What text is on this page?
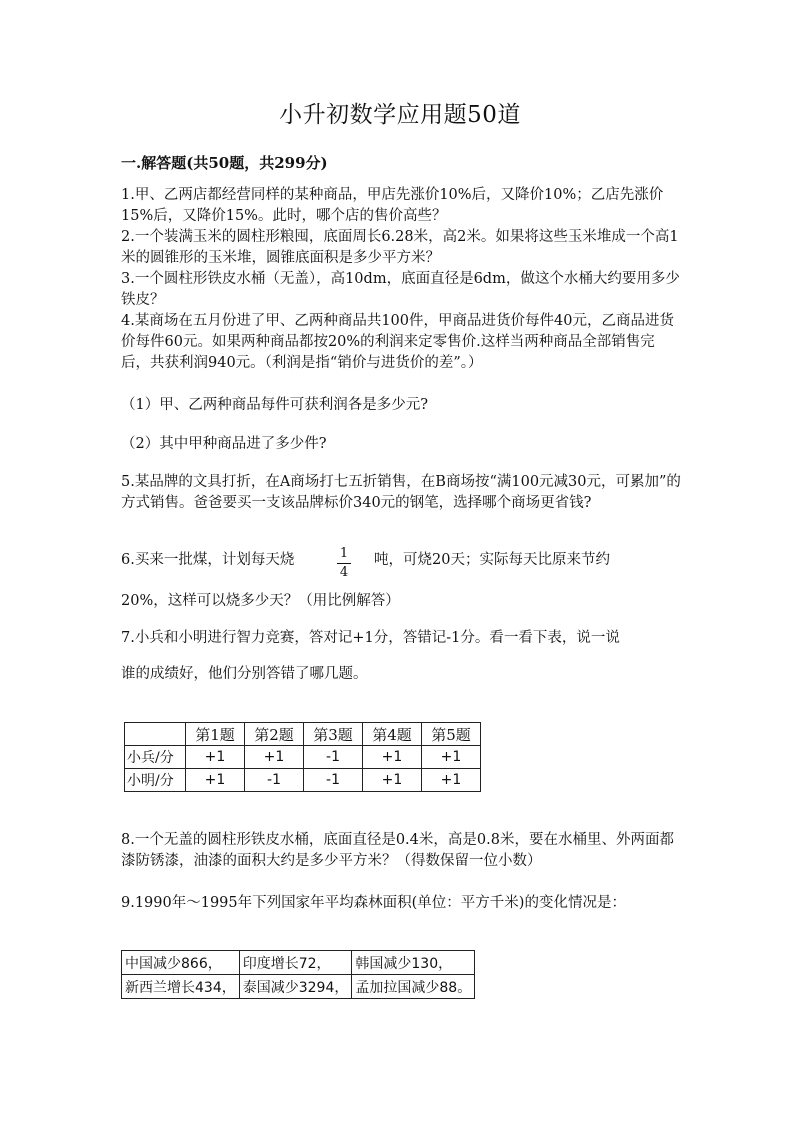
小升初数学应用题50道
一.解答题(共50题，共299分)
1.甲、乙两店都经营同样的某种商品，甲店先涨价10%后，又降价10%；乙店先涨价15%后，又降价15%。此时，哪个店的售价高些？
2.一个装满玉米的圆柱形粮囤，底面周长6.28米，高2米。如果将这些玉米堆成一个高1米的圆锥形的玉米堆，圆锥底面积是多少平方米？
3.一个圆柱形铁皮水桶（无盖），高10dm，底面直径是6dm，做这个水桶大约要用多少铁皮？
4.某商场在五月份进了甲、乙两种商品共100件，甲商品进货价每件40元，乙商品进货价每件60元。如果两种商品都按20%的利润来定零售价.这样当两种商品全部销售完后，共获利润940元。（利润是指“销价与进货价的差”。）
（1）甲、乙两种商品每件可获利润各是多少元?
（2）其中甲种商品进了多少件?
5.某品牌的文具打折，在A商场打七五折销售，在B商场按“满100元减30元，可累加”的方式销售。爸爸要买一支该品牌标价340元的钢笔，选择哪个商场更省钱?
6.买来一批煤，计划每天烧	1
4
吨，可烧20天；实际每天比原来节约
20%，这样可以烧多少天？（用比例解答）
7.小兵和小明进行智力竞赛，答对记+1分，答错记-1分。看一看下表，说一说
谁的成绩好，他们分别答错了哪几题。
	第1题	第2题	第3题	第4题	第5题
小兵/分	+1	+1	-1	+1	+1
小明/分	+1	-1	-1	+1	+1
8.一个无盖的圆柱形铁皮水桶，底面直径是0.4米，高是0.8米，要在水桶里、外两面都漆防锈漆，油漆的面积大约是多少平方米？（得数保留一位小数）
9.1990年～1995年下列国家年平均森林面积(单位：平方千米)的变化情况是：
中国减少866，	印度增长72，	韩国减少130，
新西兰增长434，	泰国减少3294，	孟加拉国减少88。
